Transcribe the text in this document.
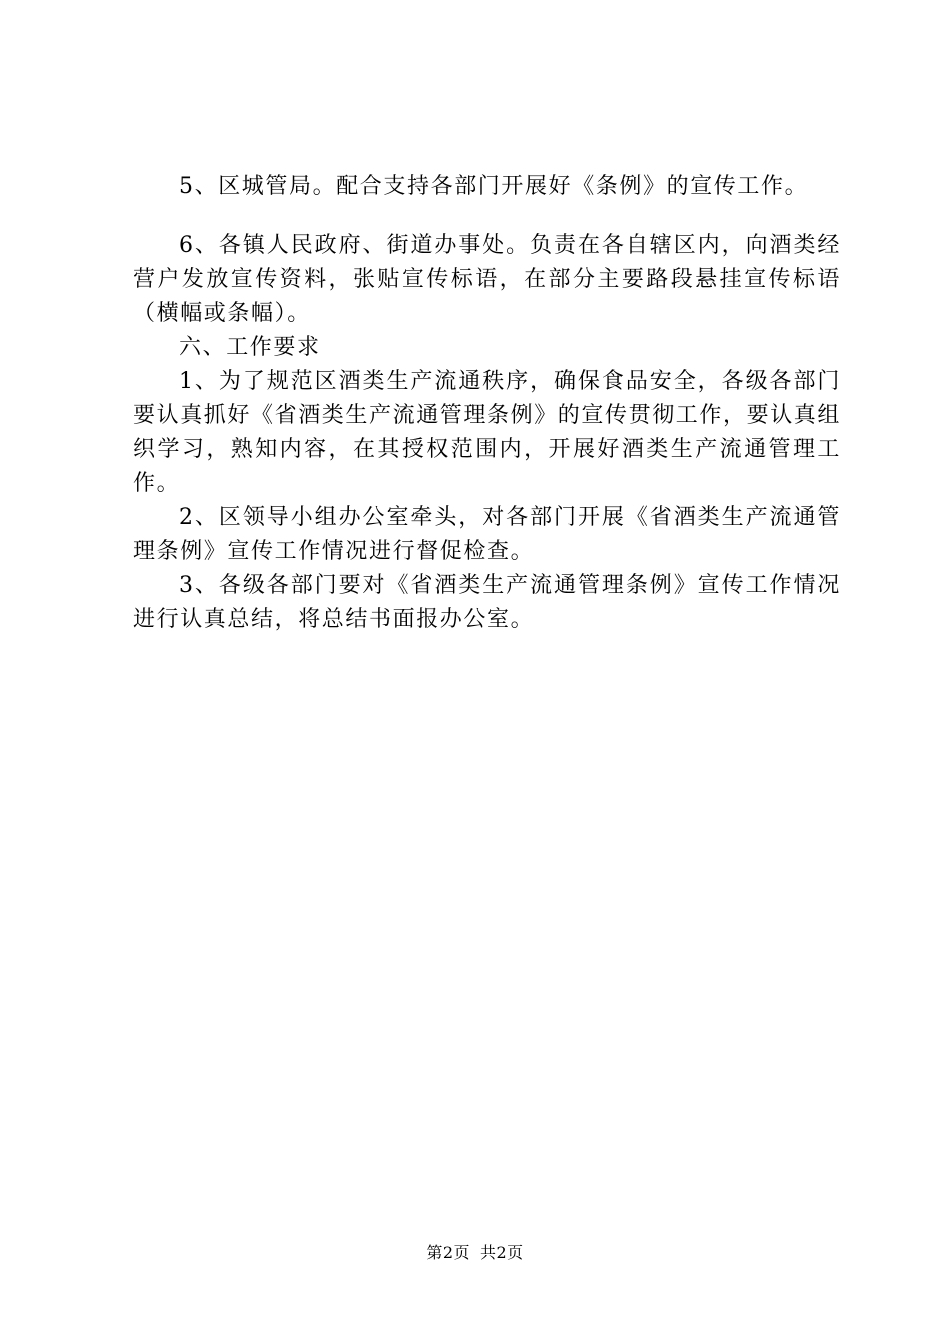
5、区城管局。配合支持各部门开展好《条例》的宣传工作。

6、各镇人民政府、街道办事处。负责在各自辖区内，向酒类经营户发放宣传资料，张贴宣传标语，在部分主要路段悬挂宣传标语（横幅或条幅）。

六、工作要求

1、为了规范区酒类生产流通秩序，确保食品安全，各级各部门要认真抓好《省酒类生产流通管理条例》的宣传贯彻工作，要认真组织学习，熟知内容，在其授权范围内，开展好酒类生产流通管理工作。

2、区领导小组办公室牵头，对各部门开展《省酒类生产流通管理条例》宣传工作情况进行督促检查。

3、各级各部门要对《省酒类生产流通管理条例》宣传工作情况进行认真总结，将总结书面报办公室。

第2页 共2页
